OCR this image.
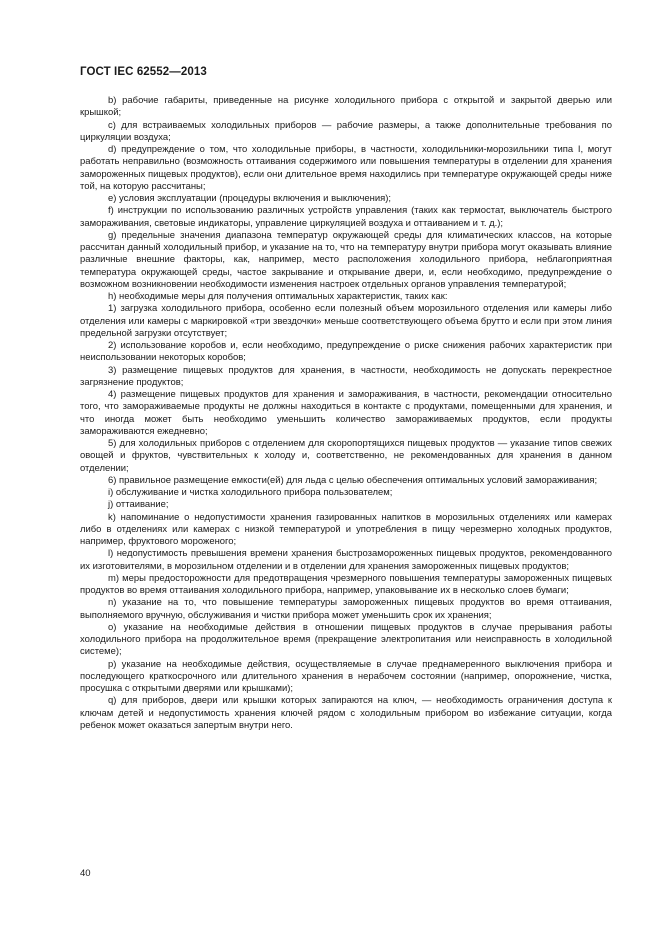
ГОСТ IEC 62552—2013

b) рабочие габариты, приведенные на рисунке холодильного прибора с открытой и закрытой дверью или крышкой;

c) для встраиваемых холодильных приборов — рабочие размеры, а также дополнительные требования по циркуляции воздуха;

d) предупреждение о том, что холодильные приборы, в частности, холодильники-морозильники типа I, могут работать неправильно (возможность оттаивания содержимого или повышения температуры в отделении для хранения замороженных пищевых продуктов), если они длительное время находились при температуре окружающей среды ниже той, на которую рассчитаны;

e) условия эксплуатации (процедуры включения и выключения);

f) инструкции по использованию различных устройств управления (таких как термостат, выключатель быстрого замораживания, световые индикаторы, управление циркуляцией воздуха и оттаиванием и т. д.);

g) предельные значения диапазона температур окружающей среды для климатических классов, на которые рассчитан данный холодильный прибор, и указание на то, что на температуру внутри прибора могут оказывать влияние различные внешние факторы, как, например, место расположения холодильного прибора, неблагоприятная температура окружающей среды, частое закрывание и открывание двери, и, если необходимо, предупреждение о возможном возникновении необходимости изменения настроек отдельных органов управления температурой;

h) необходимые меры для получения оптимальных характеристик, таких как:

1) загрузка холодильного прибора, особенно если полезный объем морозильного отделения или камеры либо отделения или камеры с маркировкой «три звездочки» меньше соответствующего объема брутто и если при этом линия предельной загрузки отсутствует;

2) использование коробов и, если необходимо, предупреждение о риске снижения рабочих характеристик при неиспользовании некоторых коробов;

3) размещение пищевых продуктов для хранения, в частности, необходимость не допускать перекрестное загрязнение продуктов;

4) размещение пищевых продуктов для хранения и замораживания, в частности, рекомендации относительно того, что замораживаемые продукты не должны находиться в контакте с продуктами, помещенными для хранения, и что иногда может быть необходимо уменьшить количество замораживаемых продуктов, если продукты замораживаются ежедневно;

5) для холодильных приборов с отделением для скоропортящихся пищевых продуктов — указание типов свежих овощей и фруктов, чувствительных к холоду и, соответственно, не рекомендованных для хранения в данном отделении;

6) правильное размещение емкости(ей) для льда с целью обеспечения оптимальных условий замораживания;

i) обслуживание и чистка холодильного прибора пользователем;

j) оттаивание;

k) напоминание о недопустимости хранения газированных напитков в морозильных отделениях или камерах либо в отделениях или камерах с низкой температурой и употребления в пищу черезмерно холодных продуктов, например, фруктового мороженого;

l) недопустимость превышения времени хранения быстрозамороженных пищевых продуктов, рекомендованного их изготовителями, в морозильном отделении и в отделении для хранения замороженных пищевых продуктов;

m) меры предосторожности для предотвращения чрезмерного повышения температуры замороженных пищевых продуктов во время оттаивания холодильного прибора, например, упаковывание их в несколько слоев бумаги;

n) указание на то, что повышение температуры замороженных пищевых продуктов во время оттаивания, выполняемого вручную, обслуживания и чистки прибора может уменьшить срок их хранения;

o) указание на необходимые действия в отношении пищевых продуктов в случае прерывания работы холодильного прибора на продолжительное время (прекращение электропитания или неисправность в холодильной системе);

p) указание на необходимые действия, осуществляемые в случае преднамеренного выключения прибора и последующего краткосрочного или длительного хранения в нерабочем состоянии (например, опорожнение, чистка, просушка с открытыми дверями или крышками);

q) для приборов, двери или крышки которых запираются на ключ, — необходимость ограничения доступа к ключам детей и недопустимость хранения ключей рядом с холодильным прибором во избежание ситуации, когда ребенок может оказаться запертым внутри него.

40
